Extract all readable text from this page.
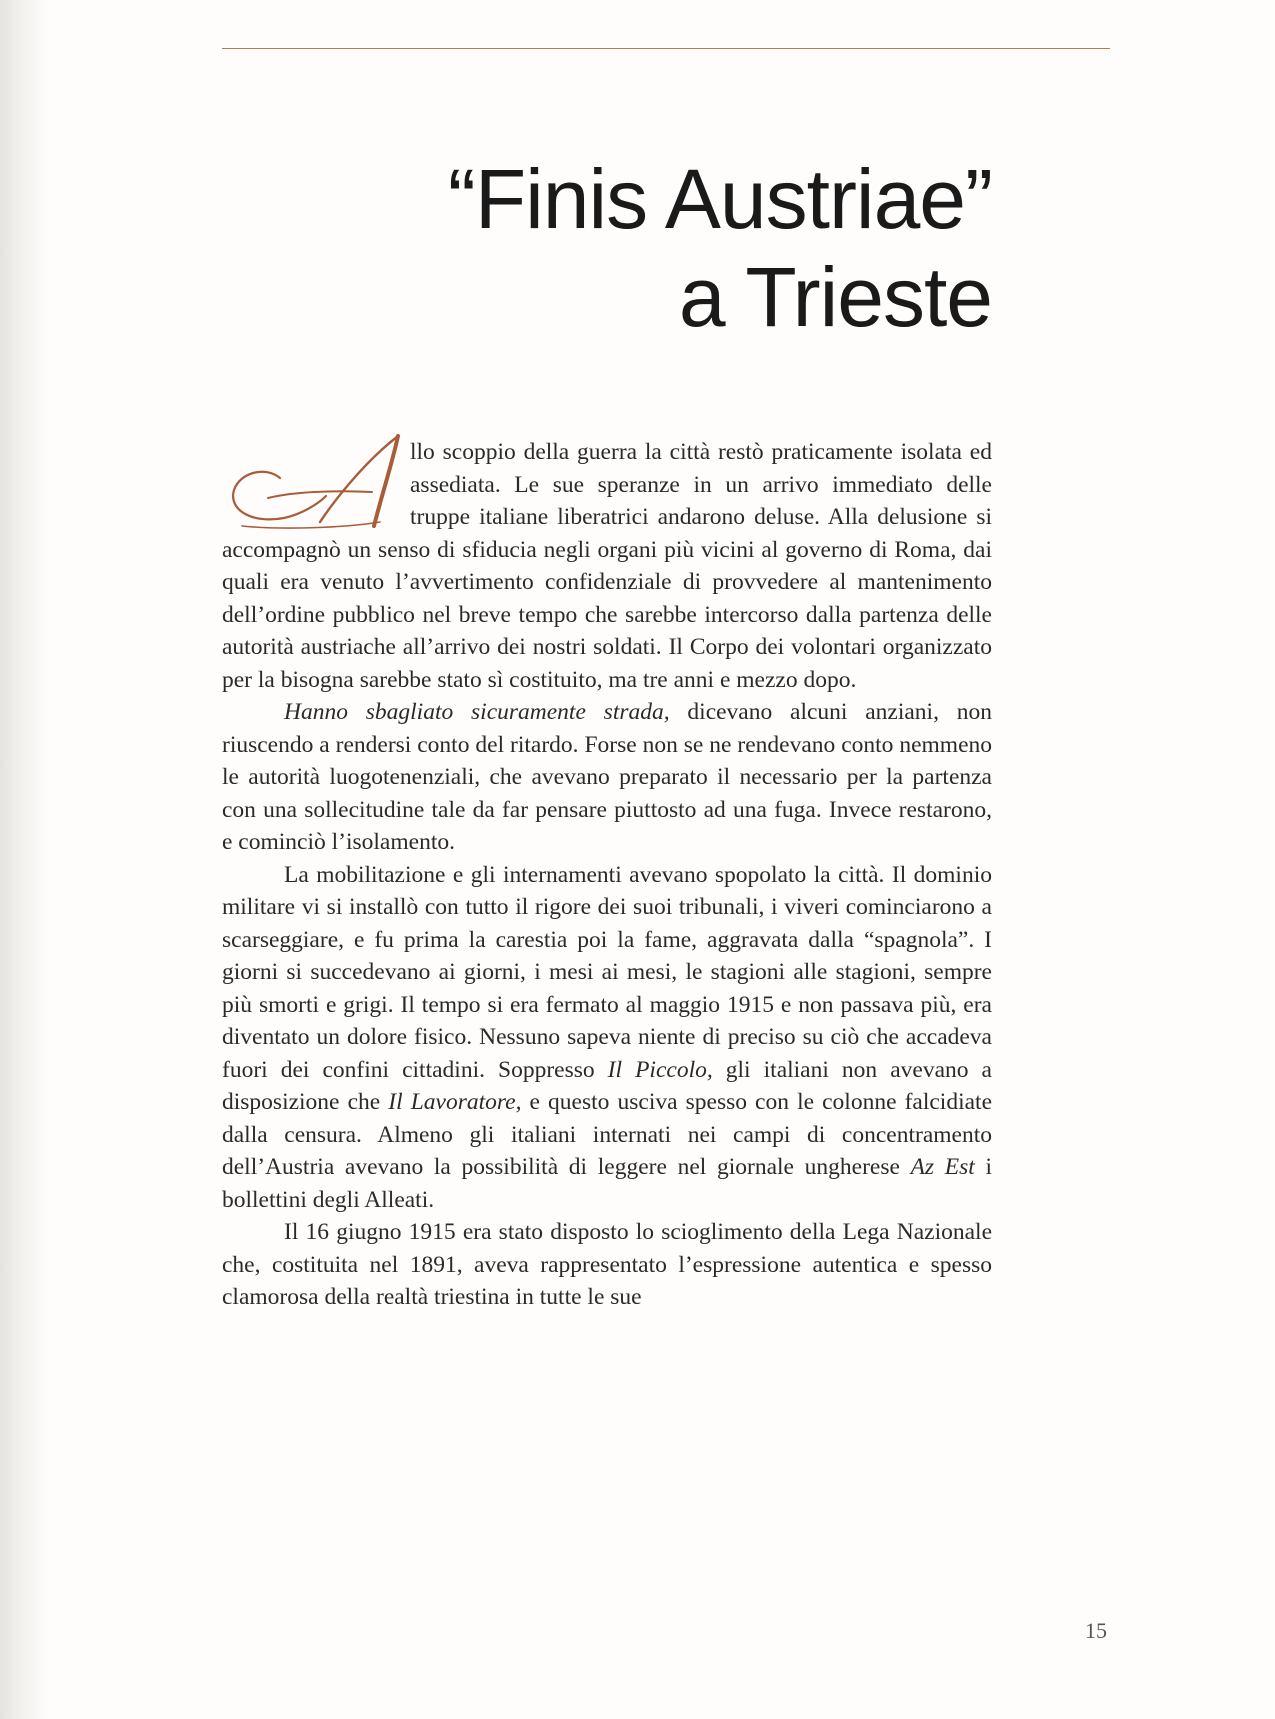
“Finis Austriae”
a Trieste

A
llo scoppio della guerra la città restò praticamente isolata ed assediata. Le sue speranze in un arrivo immediato delle truppe italiane liberatrici andarono deluse. Alla delusione si accompagnò un senso di sfiducia negli organi più vicini al governo di Roma, dai quali era venuto l’avvertimento confidenziale di provvedere al mantenimento dell’ordine pubblico nel breve tempo che sarebbe intercorso dalla partenza delle autorità austriache all’arrivo dei nostri soldati. Il Corpo dei volontari organizzato per la bisogna sarebbe stato sì costituito, ma tre anni e mezzo dopo.

Hanno sbagliato sicuramente strada, dicevano alcuni anziani, non riuscendo a rendersi conto del ritardo. Forse non se ne rendevano conto nemmeno le autorità luogotenenziali, che avevano preparato il necessario per la partenza con una sollecitudine tale da far pensare piuttosto ad una fuga. Invece restarono, e cominciò l’isolamento.

La mobilitazione e gli internamenti avevano spopolato la città. Il dominio militare vi si installò con tutto il rigore dei suoi tribunali, i viveri cominciarono a scarseggiare, e fu prima la carestia poi la fame, aggravata dalla “spagnola”. I giorni si succedevano ai giorni, i mesi ai mesi, le stagioni alle stagioni, sempre più smorti e grigi. Il tempo si era fermato al maggio 1915 e non passava più, era diventato un dolore fisico. Nessuno sapeva niente di preciso su ciò che accadeva fuori dei confini cittadini. Soppresso Il Piccolo, gli italiani non avevano a disposizione che Il Lavoratore, e questo usciva spesso con le colonne falcidiate dalla censura. Almeno gli italiani internati nei campi di concentramento dell’Austria avevano la possibilità di leggere nel giornale ungherese Az Est i bollettini degli Alleati.

Il 16 giugno 1915 era stato disposto lo scioglimento della Lega Nazionale che, costituita nel 1891, aveva rappresentato l’espressione autentica e spesso clamorosa della realtà triestina in tutte le sue

15
